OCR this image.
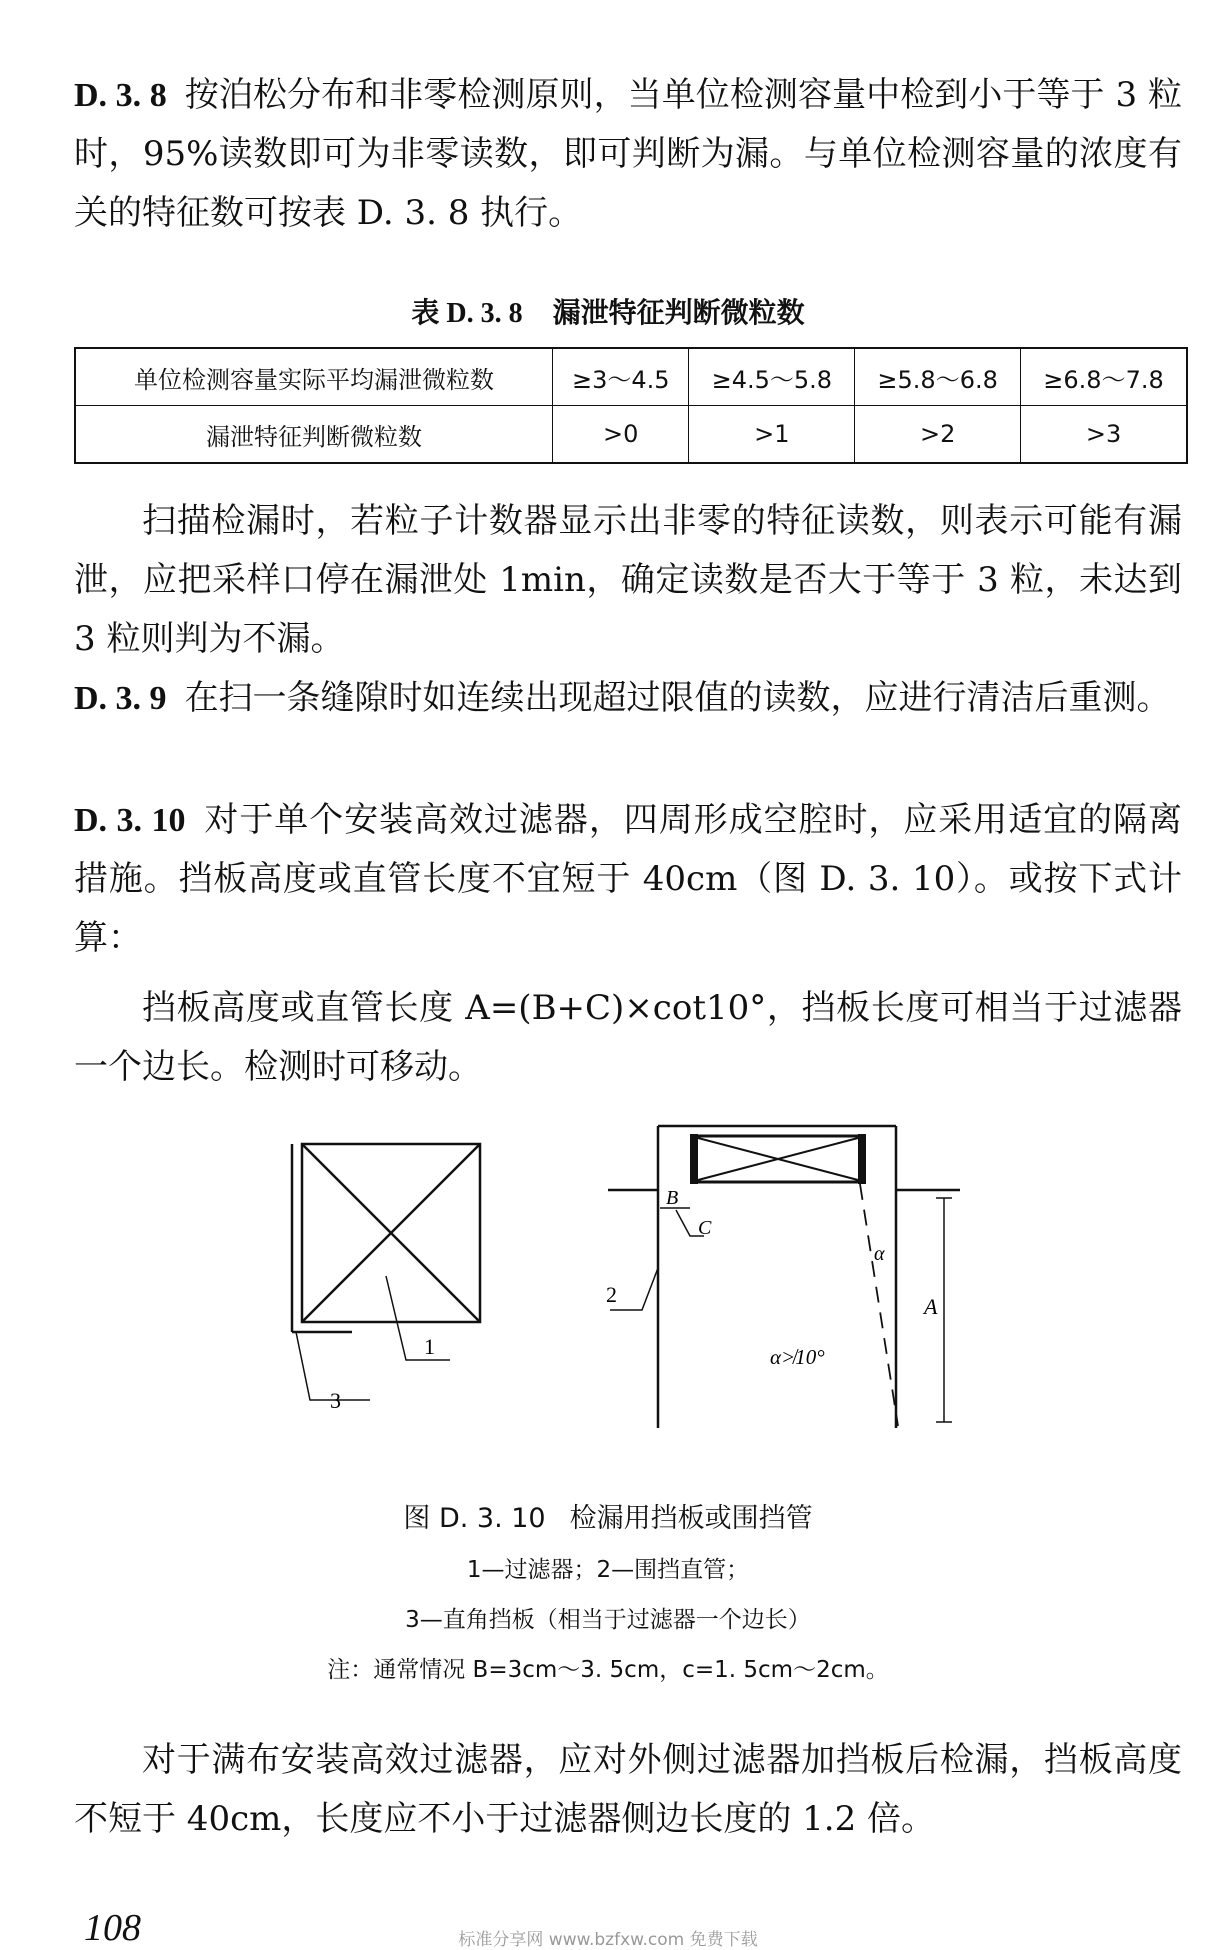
D. 3. 8 按泊松分布和非零检测原则，当单位检测容量中检到小于等于 3 粒时，95%读数即可为非零读数，即可判断为漏。与单位检测容量的浓度有关的特征数可按表 D. 3. 8 执行。

表 D. 3. 8 漏泄特征判断微粒数
单位检测容量实际平均漏泄微粒数	≥3～4.5	≥4.5～5.8	≥5.8～6.8	≥6.8～7.8
漏泄特征判断微粒数	>0	>1	>2	>3

扫描检漏时，若粒子计数器显示出非零的特征读数，则表示可能有漏泄，应把采样口停在漏泄处 1min，确定读数是否大于等于 3 粒，未达到 3 粒则判为不漏。

D. 3. 9 在扫一条缝隙时如连续出现超过限值的读数，应进行清洁后重测。

D. 3. 10 对于单个安装高效过滤器，四周形成空腔时，应采用适宜的隔离措施。挡板高度或直管长度不宜短于 40cm（图 D. 3. 10）。或按下式计算：

挡板高度或直管长度 A=(B+C)×cot10°，挡板长度可相当于过滤器一个边长。检测时可移动。

1
3
2
B
C
α
α≯10°
A
图 D. 3. 10 检漏用挡板或围挡管
1—过滤器；2—围挡直管；
3—直角挡板（相当于过滤器一个边长）
注：通常情况 B=3cm～3. 5cm，c=1. 5cm～2cm。

对于满布安装高效过滤器，应对外侧过滤器加挡板后检漏，挡板高度不短于 40cm，长度应不小于过滤器侧边长度的 1.2 倍。

108	标准分享网 www.bzfxw.com 免费下载
